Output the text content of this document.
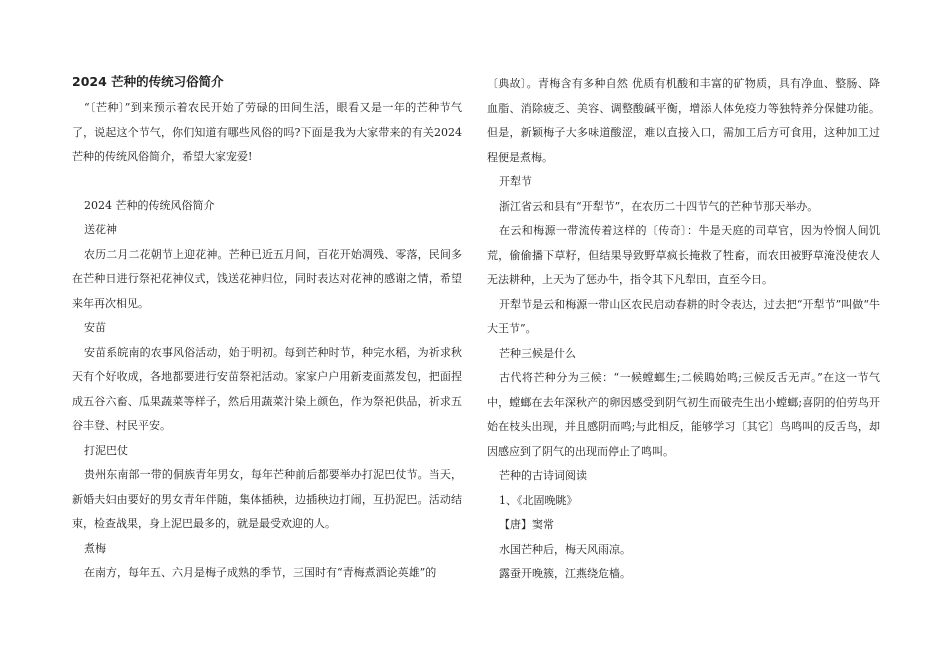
2024 芒种的传统习俗简介

“〔芒种〕”到来预示着农民开始了劳碌的田间生活，眼看又是一年的芒种节气了，说起这个节气，你们知道有哪些风俗的吗?下面是我为大家带来的有关2024 芒种的传统风俗简介，希望大家宠爱!

2024 芒种的传统风俗简介

送花神

农历二月二花朝节上迎花神。芒种已近五月间，百花开始凋残、零落，民间多在芒种日进行祭祀花神仪式，饯送花神归位，同时表达对花神的感谢之情，希望来年再次相见。

安苗

安苗系皖南的农事风俗活动，始于明初。每到芒种时节，种完水稻，为祈求秋天有个好收成，各地都要进行安苗祭祀活动。家家户户用新麦面蒸发包，把面捏成五谷六畜、瓜果蔬菜等样子，然后用蔬菜汁染上颜色，作为祭祀供品，祈求五谷丰登、村民平安。

打泥巴仗

贵州东南部一带的侗族青年男女，每年芒种前后都要举办打泥巴仗节。当天，新婚夫妇由要好的男女青年伴随，集体插秧，边插秧边打闹，互扔泥巴。活动结束，检查战果，身上泥巴最多的，就是最受欢迎的人。

煮梅

在南方，每年五、六月是梅子成熟的季节，三国时有“青梅煮酒论英雄”的

〔典故〕。青梅含有多种自然 优质有机酸和丰富的矿物质，具有净血、整肠、降血脂、消除疲乏、美容、调整酸碱平衡，增添人体免疫力等独特养分保健功能。但是，新颖梅子大多味道酸涩，难以直接入口，需加工后方可食用，这种加工过程便是煮梅。

开犁节

浙江省云和县有“开犁节”，在农历二十四节气的芒种节那天举办。

在云和梅源一带流传着这样的〔传奇〕：牛是天庭的司草官，因为怜悯人间饥荒，偷偷播下草籽，但结果导致野草疯长掩救了牲畜，而农田被野草淹没使农人无法耕种，上天为了惩办牛，指令其下凡犁田，直至今日。

开犁节是云和梅源一带山区农民启动春耕的时令表达，过去把“开犁节”叫做“牛大王节”。

芒种三候是什么

古代将芒种分为三候：“一候螳螂生;二候鵙始鸣;三候反舌无声。”在这一节气中，螳螂在去年深秋产的卵因感受到阴气初生而破壳生出小螳螂;喜阴的伯劳鸟开始在枝头出现，并且感阴而鸣;与此相反，能够学习〔其它〕鸟鸣叫的反舌鸟，却因感应到了阴气的出现而停止了鸣叫。

芒种的古诗词阅读

1、《北固晚眺》

【唐】窦常

水国芒种后，梅天风雨凉。

露蚕开晚簇，江燕绕危樯。
